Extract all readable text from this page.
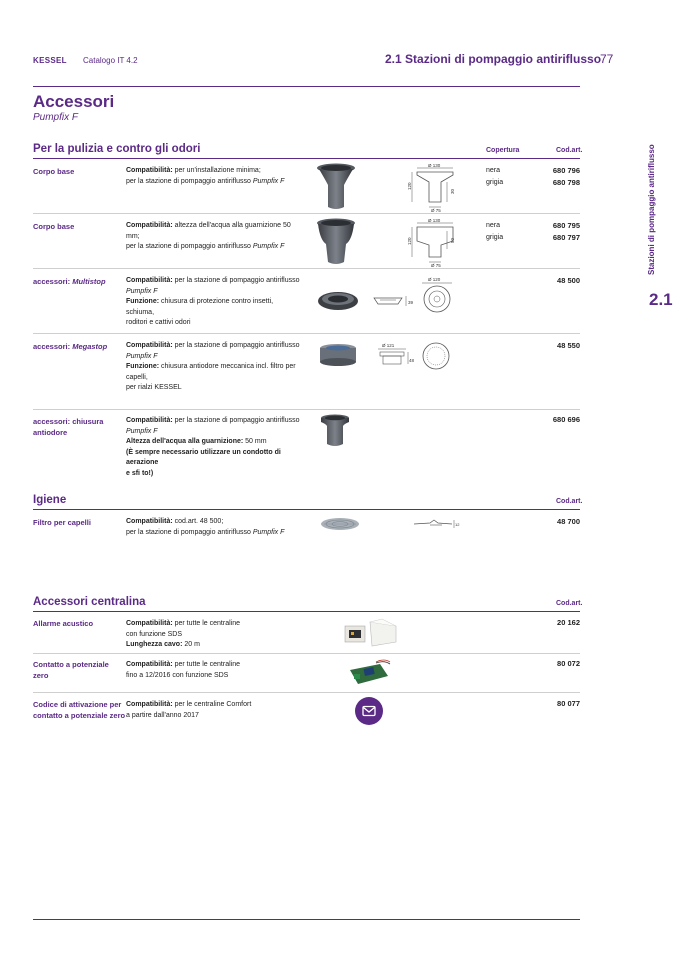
KESSEL Catalogo IT 4.2	2.1 Stazioni di pompaggio antiriflusso
77
Accessori
Pumpfix F
Stazioni di pompaggio antiriflusso
2.1
Per la pulizia e contro gli odori	Copertura	Cod.art.
Corpo base	Compatibilità: per un'installazione minima;
per la stazione di pompaggio antiriflusso Pumpfix F
Ø 130
Ø 75
120
30
nera
grigia
680 796
680 798
Corpo base	Compatibilità: altezza dell'acqua alla guarnizione 50 mm;
per la stazione di pompaggio antiriflusso Pumpfix F
Ø 130
Ø 75
120	50
nera
grigia
680 795
680 797
accessori: Multistop	Compatibilità: per la stazione di pompaggio antiriflusso
Pumpfix F
Funzione: chiusura di protezione contro insetti, schiuma,
roditori e cattivi odori
39
Ø 120	48 500
accessori: Megastop	Compatibilità: per la stazione di pompaggio antiriflusso
Pumpfix F
Funzione: chiusura antiodore meccanica incl. filtro per
capelli,
per rialzi KESSEL
Ø 121
48
48 550
accessori: chiusura
antiodore
Compatibilità: per la stazione di pompaggio antiriflusso
Pumpfix F
Altezza dell'acqua alla guarnizione: 50 mm
(È sempre necessario utilizzare un condotto di aerazione
e sfi to!)
680 696
Igiene	Cod.art.
Filtro per capelli	Compatibilità: cod.art. 48 500;
per la stazione di pompaggio antiriflusso Pumpfix F
12	48 700
Accessori centralina	Cod.art.
Allarme acustico	Compatibilità: per tutte le centraline
con funzione SDS
Lunghezza cavo: 20 m
20 162
Contatto a potenziale zero
Compatibilità: per tutte le centraline
fino a 12/2016 con funzione SDS
80 072
Codice di attivazione per
contatto a potenziale zero
Compatibilità: per le centraline Comfort
a partire dall'anno 2017
80 077
